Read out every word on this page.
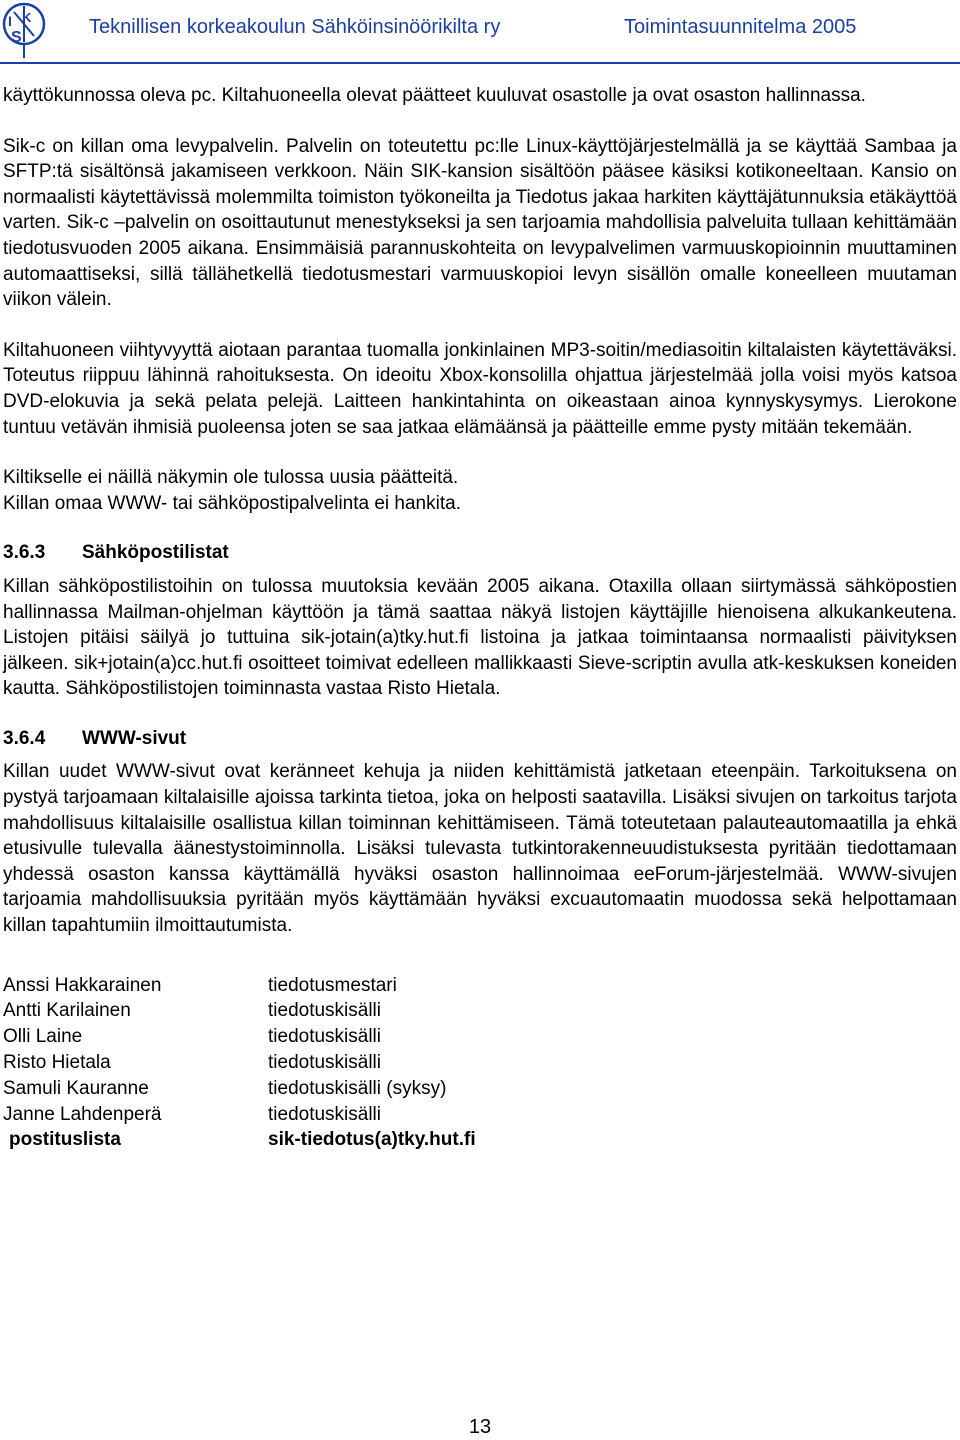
I K
S	Teknillisen korkeakoulun Sähköinsinöörikilta ry	Toimintasuunnitelma 2005

käyttökunnossa oleva pc. Kiltahuoneella olevat päätteet kuuluvat osastolle ja ovat osaston hallinnassa.

Sik-c on killan oma levypalvelin. Palvelin on toteutettu pc:lle Linux-käyttöjärjestelmällä ja se käyttää Sambaa ja SFTP:tä sisältönsä jakamiseen verkkoon. Näin SIK-kansion sisältöön pääsee käsiksi kotikoneeltaan. Kansio on normaalisti käytettävissä molemmilta toimiston työkoneilta ja Tiedotus jakaa harkiten käyttäjätunnuksia etäkäyttöä varten. Sik-c –palvelin on osoittautunut menestykseksi ja sen tarjoamia mahdollisia palveluita tullaan kehittämään tiedotusvuoden 2005 aikana. Ensimmäisiä parannuskohteita on levypalvelimen varmuuskopioinnin muuttaminen automaattiseksi, sillä tällähetkellä tiedotusmestari varmuuskopioi levyn sisällön omalle koneelleen muutaman viikon välein.

Kiltahuoneen viihtyvyyttä aiotaan parantaa tuomalla jonkinlainen MP3-soitin/mediasoitin kiltalaisten käytettäväksi. Toteutus riippuu lähinnä rahoituksesta. On ideoitu Xbox-konsolilla ohjattua järjestelmää jolla voisi myös katsoa DVD-elokuvia ja sekä pelata pelejä. Laitteen hankintahinta on oikeastaan ainoa kynnyskysymys. Lierokone tuntuu vetävän ihmisiä puoleensa joten se saa jatkaa elämäänsä ja päätteille emme pysty mitään tekemään.

Kiltikselle ei näillä näkymin ole tulossa uusia päätteitä.

Killan omaa WWW- tai sähköpostipalvelinta ei hankita.

3.6.3 Sähköpostilistat

Killan sähköpostilistoihin on tulossa muutoksia kevään 2005 aikana. Otaxilla ollaan siirtymässä sähköpostien hallinnassa Mailman-ohjelman käyttöön ja tämä saattaa näkyä listojen käyttäjille hienoisena alkukankeutena. Listojen pitäisi säilyä jo tuttuina sik-jotain(a)tky.hut.fi listoina ja jatkaa toimintaansa normaalisti päivityksen jälkeen. sik+jotain(a)cc.hut.fi osoitteet toimivat edelleen mallikkaasti Sieve-scriptin avulla atk-keskuksen koneiden kautta. Sähköpostilistojen toiminnasta vastaa Risto Hietala.

3.6.4 WWW-sivut

Killan uudet WWW-sivut ovat keränneet kehuja ja niiden kehittämistä jatketaan eteenpäin. Tarkoituksena on pystyä tarjoamaan kiltalaisille ajoissa tarkinta tietoa, joka on helposti saatavilla. Lisäksi sivujen on tarkoitus tarjota mahdollisuus kiltalaisille osallistua killan toiminnan kehittämiseen. Tämä toteutetaan palauteautomaatilla ja ehkä etusivulle tulevalla äänestystoiminnolla. Lisäksi tulevasta tutkintorakenneuudistuksesta pyritään tiedottamaan yhdessä osaston kanssa käyttämällä hyväksi osaston hallinnoimaa eeForum-järjestelmää. WWW-sivujen tarjoamia mahdollisuuksia pyritään myös käyttämään hyväksi excuautomaatin muodossa sekä helpottamaan killan tapahtumiin ilmoittautumista.

Anssi Hakkarainen	tiedotusmestari
Antti Karilainen	tiedotuskisälli
Olli Laine	tiedotuskisälli
Risto Hietala	tiedotuskisälli
Samuli Kauranne	tiedotuskisälli (syksy)
Janne Lahdenperä	tiedotuskisälli
postituslista	sik-tiedotus(a)tky.hut.fi
13
